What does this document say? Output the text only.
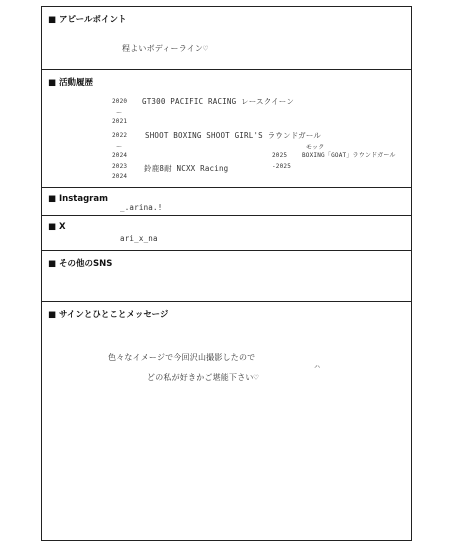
■ アピールポイント
程よいボディーライン♡
■ 活動履歴
2020 GT300 PACIFIC RACING レースクイーン
〜
2021
2022 SHOOT BOXING SHOOT GIRL'S ラウンドガール
〜
2024
2023 鈴鹿8耐 NCXX Racing
2024
モック
2025 BOXING「GOAT」ラウンドガール
-2025
■ Instagram
_.arina.!
■ X
ari_x_na
■ その他のSNS
■ サインとひとことメッセージ
色々なイメージで今回沢山撮影したので
ハ
どの私が好きかご堪能下さい♡
